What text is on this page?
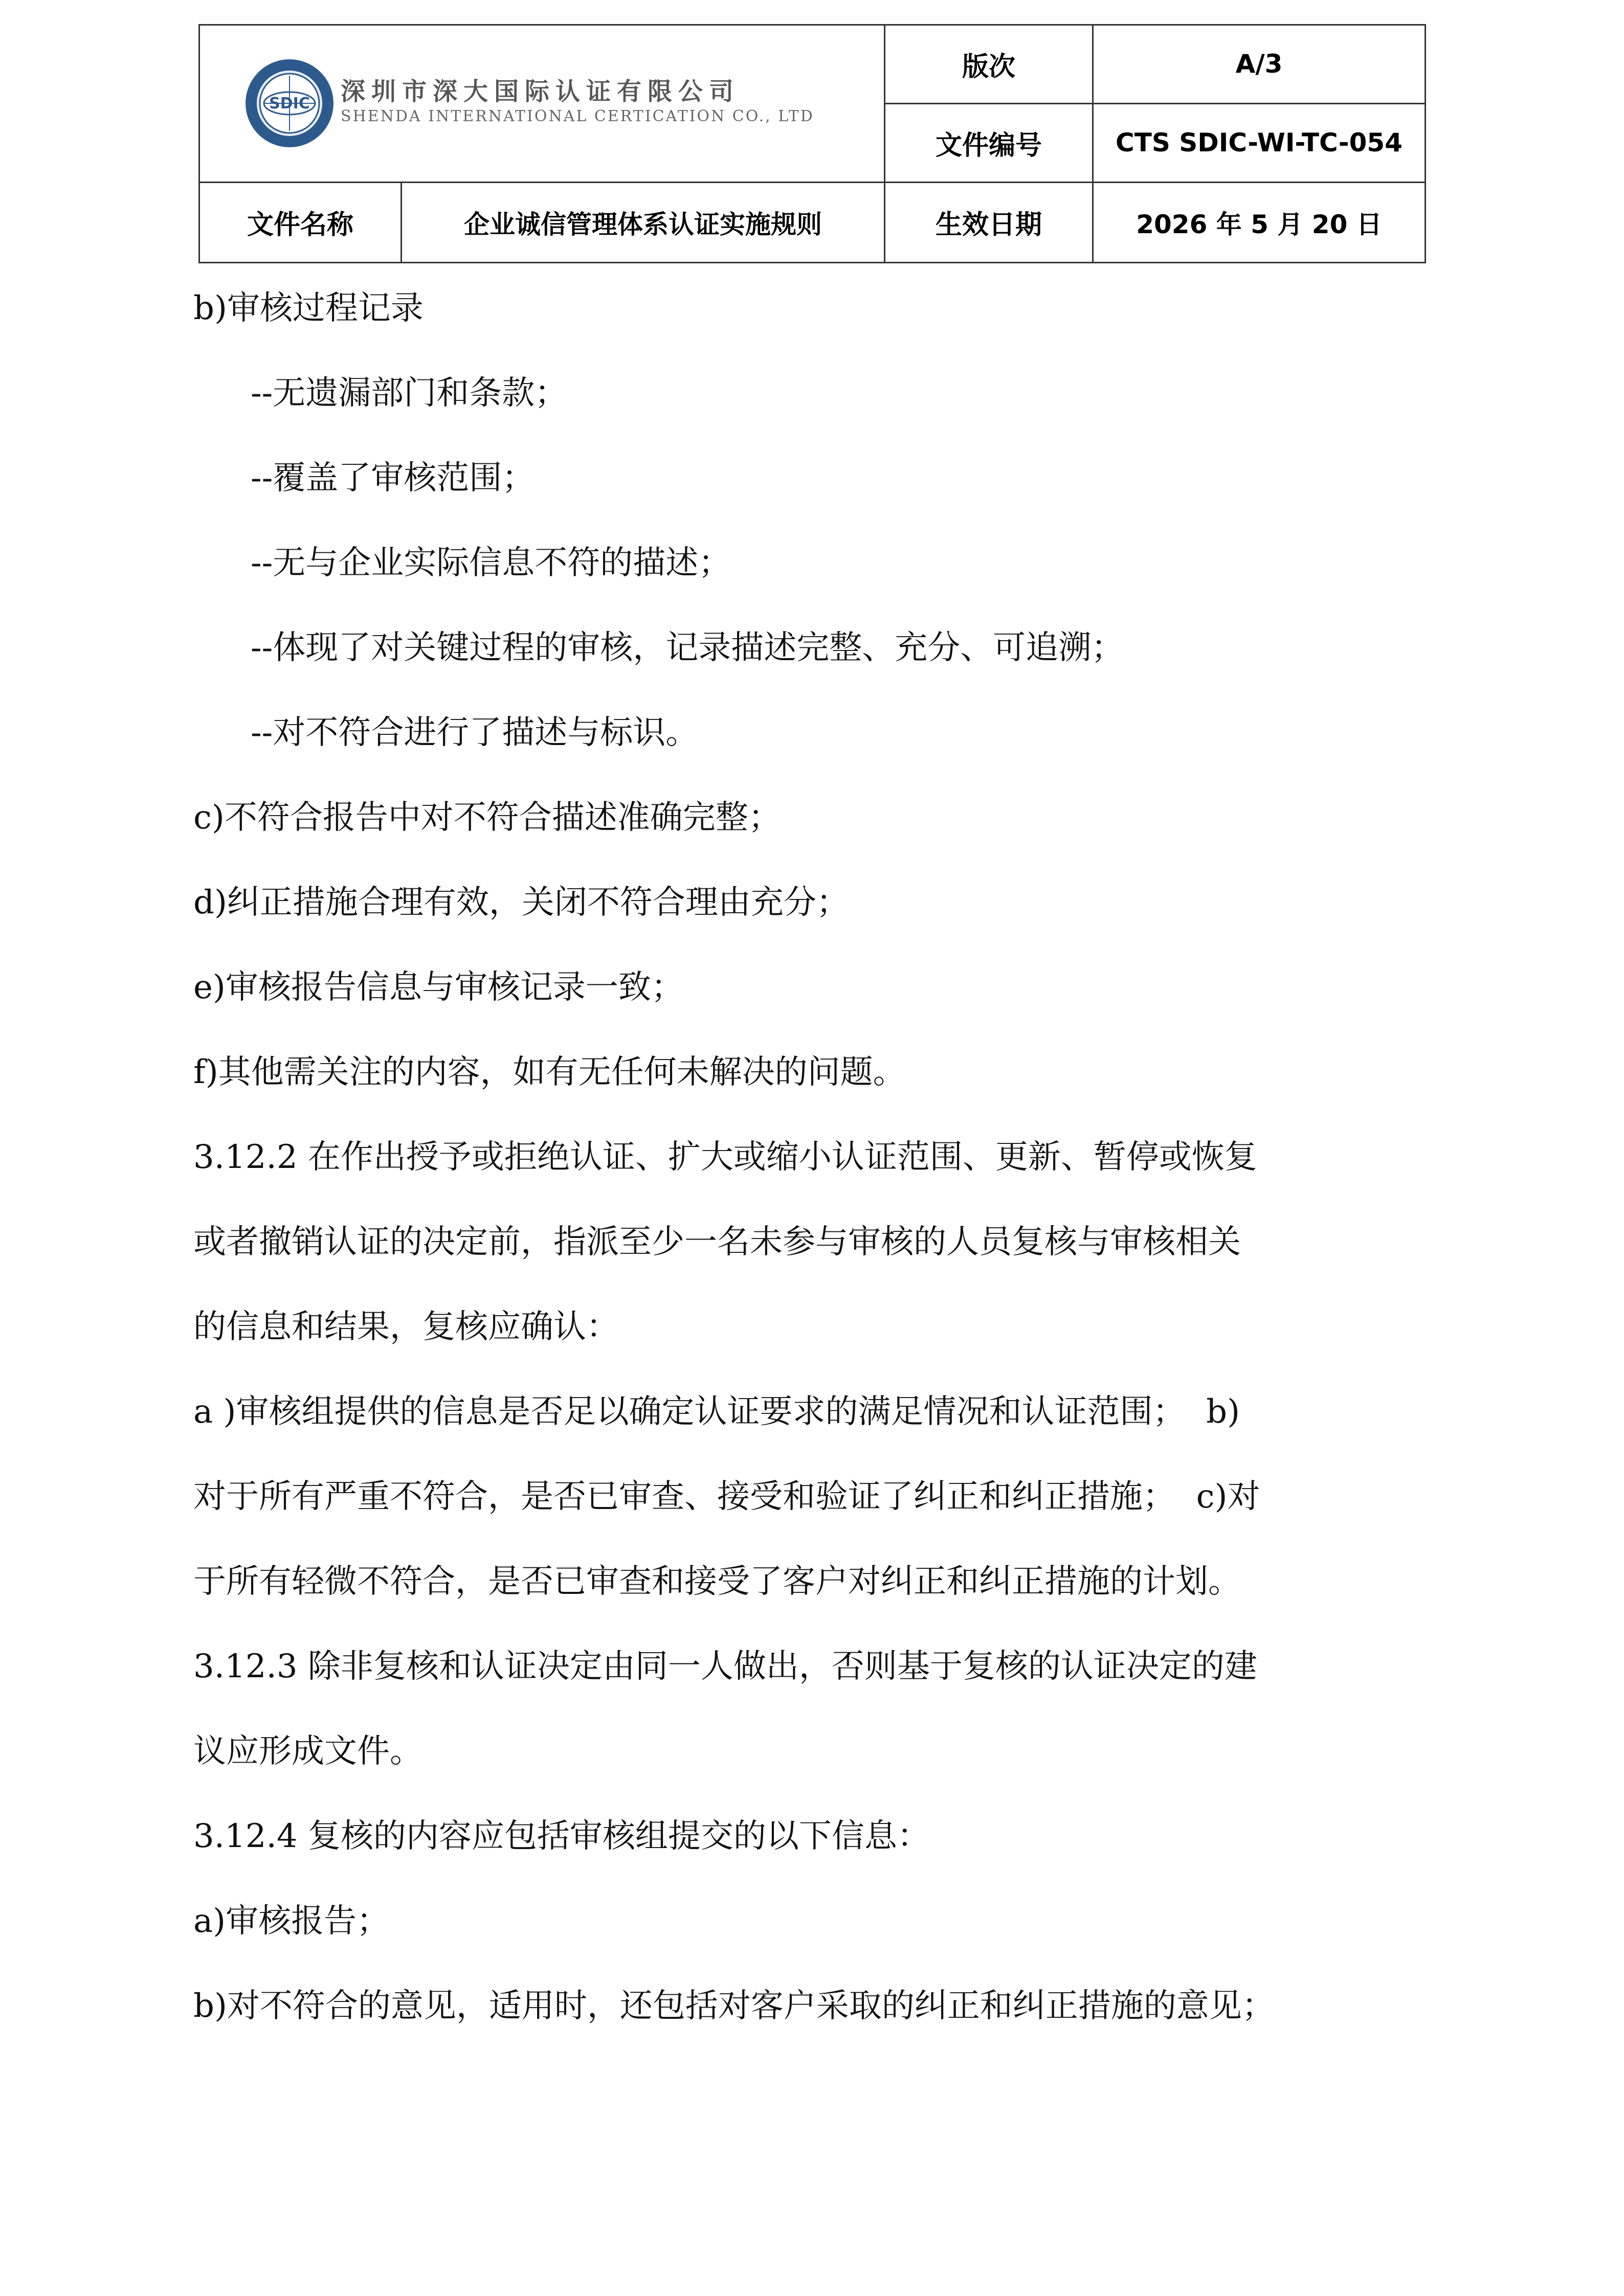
SDIC 深圳市深大国际认证有限公司
SHENDA INTERNATIONAL CERTICATION CO., LTD		版次	A/3
		文件编号	CTS SDIC-WI-TC-054
文件名称	企业诚信管理体系认证实施规则	生效日期	2026 年 5 月 20 日
b)审核过程记录
--无遗漏部门和条款；
--覆盖了审核范围；
--无与企业实际信息不符的描述；
--体现了对关键过程的审核，记录描述完整、充分、可追溯；
--对不符合进行了描述与标识。
c)不符合报告中对不符合描述准确完整；
d)纠正措施合理有效，关闭不符合理由充分；
e)审核报告信息与审核记录一致；
f)其他需关注的内容，如有无任何未解决的问题。
3.12.2 在作出授予或拒绝认证、扩大或缩小认证范围、更新、暂停或恢复
或者撤销认证的决定前，指派至少一名未参与审核的人员复核与审核相关
的信息和结果，复核应确认：
a )审核组提供的信息是否足以确定认证要求的满足情况和认证范围；  b)
对于所有严重不符合，是否已审查、接受和验证了纠正和纠正措施；  c)对
于所有轻微不符合，是否已审查和接受了客户对纠正和纠正措施的计划。
3.12.3 除非复核和认证决定由同一人做出，否则基于复核的认证决定的建
议应形成文件。
3.12.4 复核的内容应包括审核组提交的以下信息：
a)审核报告；
b)对不符合的意见，适用时，还包括对客户采取的纠正和纠正措施的意见；
